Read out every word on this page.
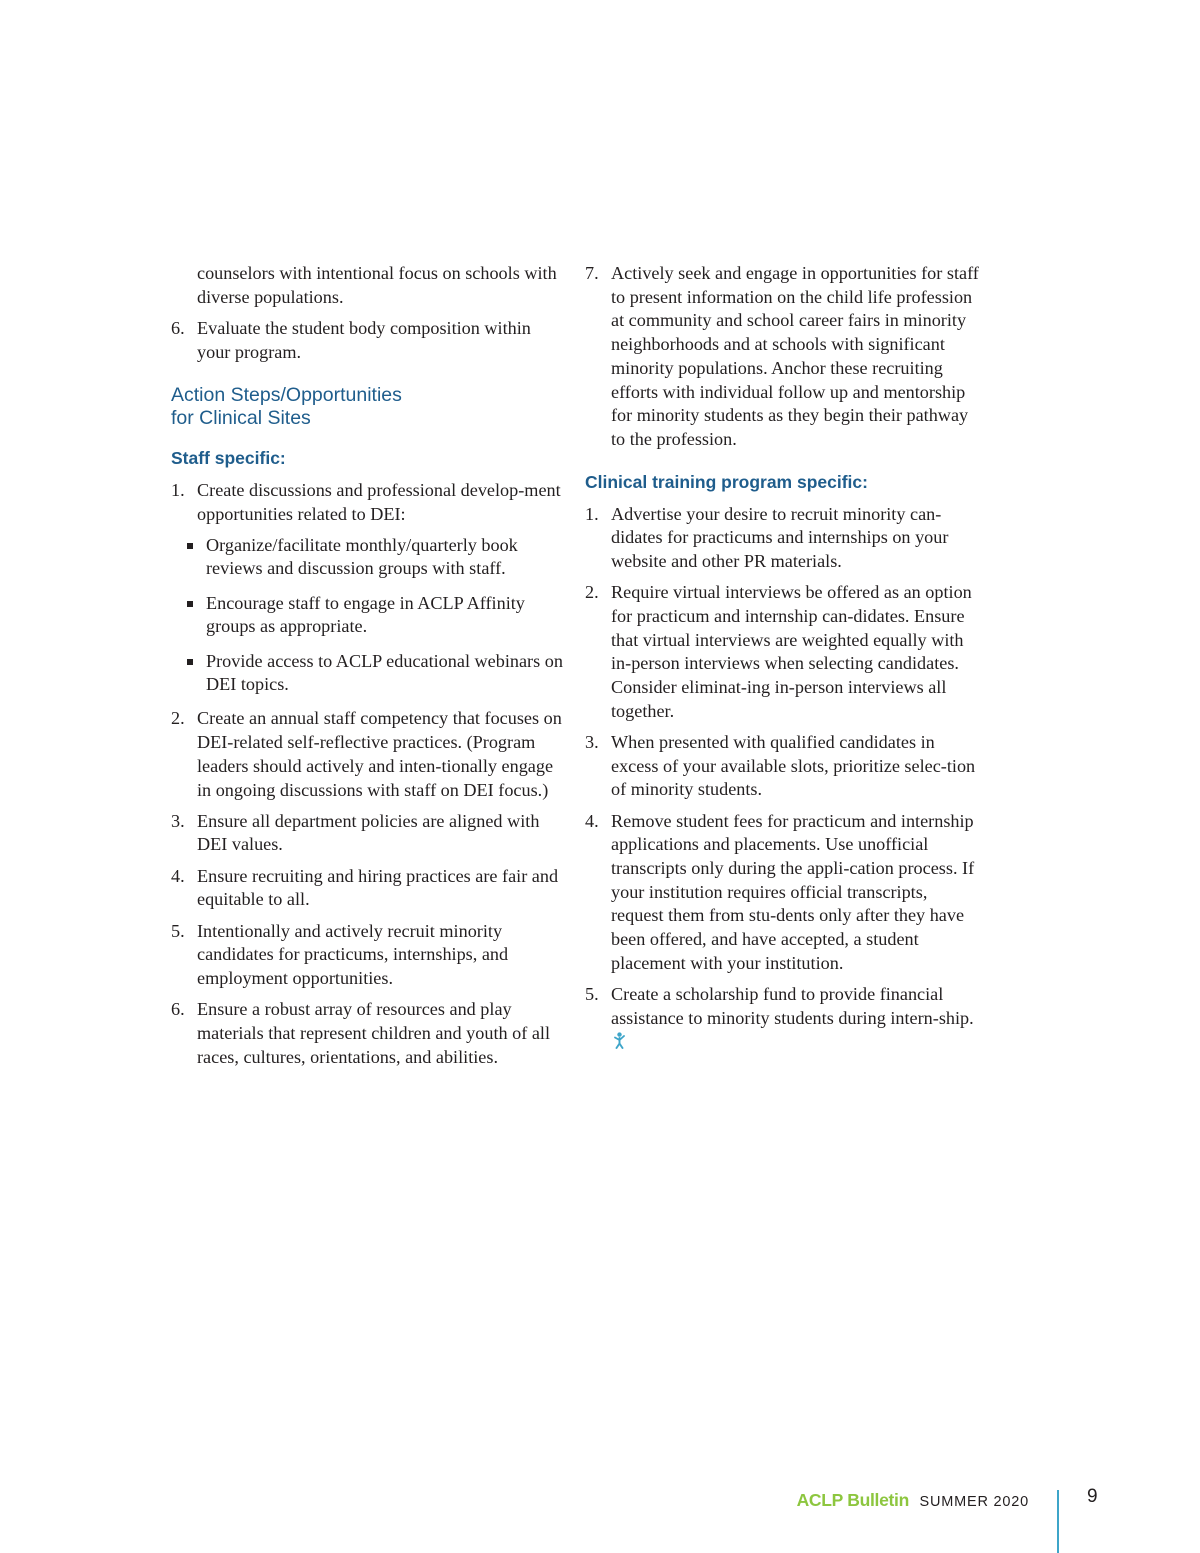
counselors with intentional focus on schools with diverse populations.
6. Evaluate the student body composition within your program.
Action Steps/Opportunities
for Clinical Sites
Staff specific:
1. Create discussions and professional develop-ment opportunities related to DEI:
Organize/facilitate monthly/quarterly book reviews and discussion groups with staff.
Encourage staff to engage in ACLP Affinity groups as appropriate.
Provide access to ACLP educational webinars on DEI topics.
2. Create an annual staff competency that focuses on DEI-related self-reflective practices. (Program leaders should actively and inten-tionally engage in ongoing discussions with staff on DEI focus.)
3. Ensure all department policies are aligned with DEI values.
4. Ensure recruiting and hiring practices are fair and equitable to all.
5. Intentionally and actively recruit minority candidates for practicums, internships, and employment opportunities.
6. Ensure a robust array of resources and play materials that represent children and youth of all races, cultures, orientations, and abilities.
7. Actively seek and engage in opportunities for staff to present information on the child life profession at community and school career fairs in minority neighborhoods and at schools with significant minority populations. Anchor these recruiting efforts with individual follow up and mentorship for minority students as they begin their pathway to the profession.
Clinical training program specific:
1. Advertise your desire to recruit minority can-didates for practicums and internships on your website and other PR materials.
2. Require virtual interviews be offered as an option for practicum and internship can-didates. Ensure that virtual interviews are weighted equally with in-person interviews when selecting candidates. Consider eliminat-ing in-person interviews all together.
3. When presented with qualified candidates in excess of your available slots, prioritize selec-tion of minority students.
4. Remove student fees for practicum and internship applications and placements. Use unofficial transcripts only during the appli-cation process. If your institution requires official transcripts, request them from stu-dents only after they have been offered, and have accepted, a student placement with your institution.
5. Create a scholarship fund to provide financial assistance to minority students during intern-ship.
ACLP Bulletin SUMMER 2020	9
